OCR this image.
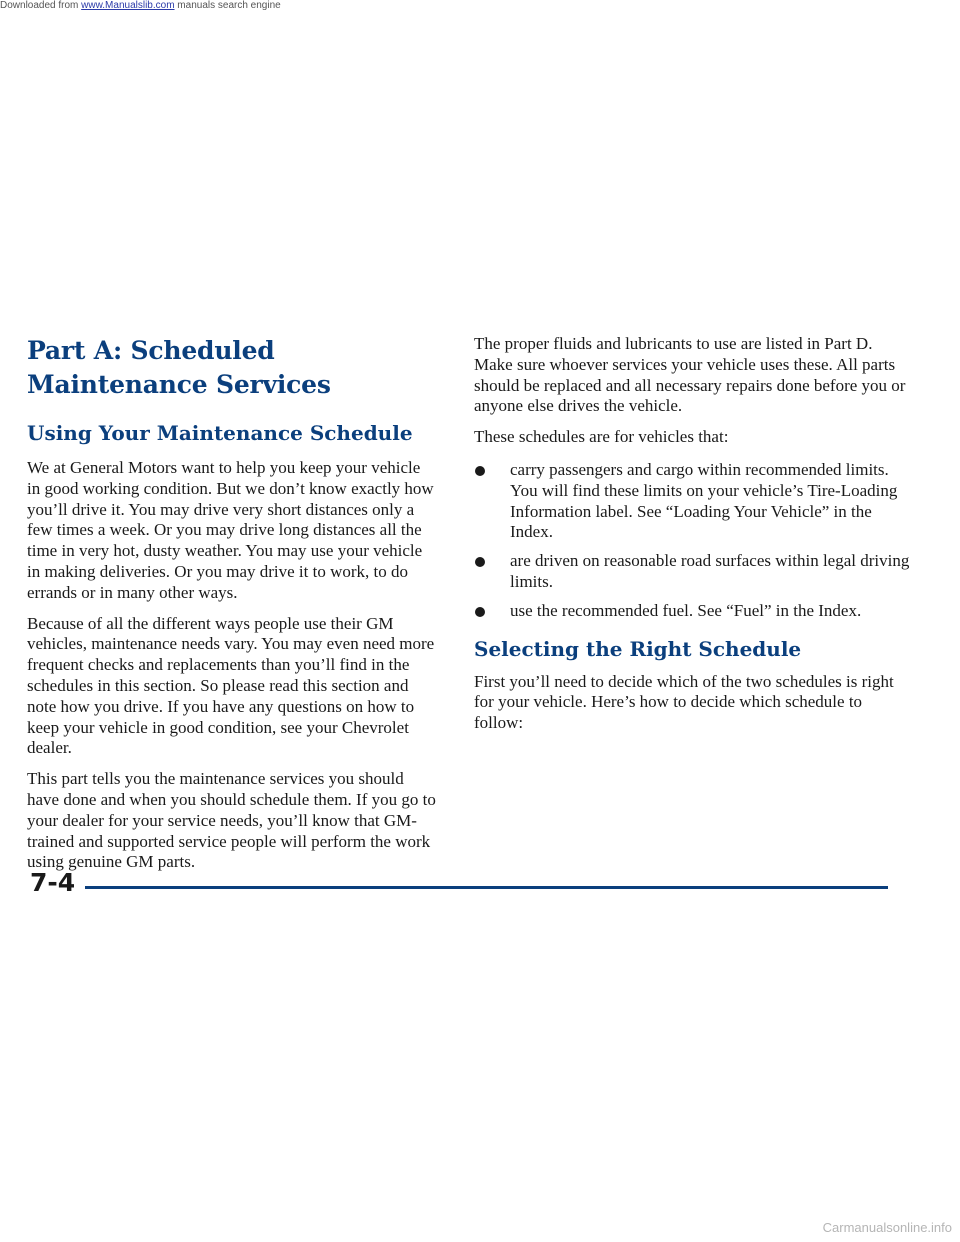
Downloaded from www.Manualslib.com manuals search engine
Part A: Scheduled Maintenance Services
Using Your Maintenance Schedule

We at General Motors want to help you keep your vehicle in good working condition. But we don’t know exactly how you’ll drive it. You may drive very short distances only a few times a week. Or you may drive long distances all the time in very hot, dusty weather. You may use your vehicle in making deliveries. Or you may drive it to work, to do errands or in many other ways.

Because of all the different ways people use their GM vehicles, maintenance needs vary. You may even need more frequent checks and replacements than you’ll find in the schedules in this section. So please read this section and note how you drive. If you have any questions on how to keep your vehicle in good condition, see your Chevrolet dealer.

This part tells you the maintenance services you should have done and when you should schedule them. If you go to your dealer for your service needs, you’ll know that GM-trained and supported service people will perform the work using genuine GM parts.

The proper fluids and lubricants to use are listed in Part D. Make sure whoever services your vehicle uses these. All parts should be replaced and all necessary repairs done before you or anyone else drives the vehicle.

These schedules are for vehicles that:

carry passengers and cargo within recommended limits. You will find these limits on your vehicle’s Tire-Loading Information label. See “Loading Your Vehicle” in the Index.
are driven on reasonable road surfaces within legal driving limits.
use the recommended fuel. See “Fuel” in the Index.
Selecting the Right Schedule

First you’ll need to decide which of the two schedules is right for your vehicle. Here’s how to decide which schedule to follow:

7-4
Carmanualsonline.info
